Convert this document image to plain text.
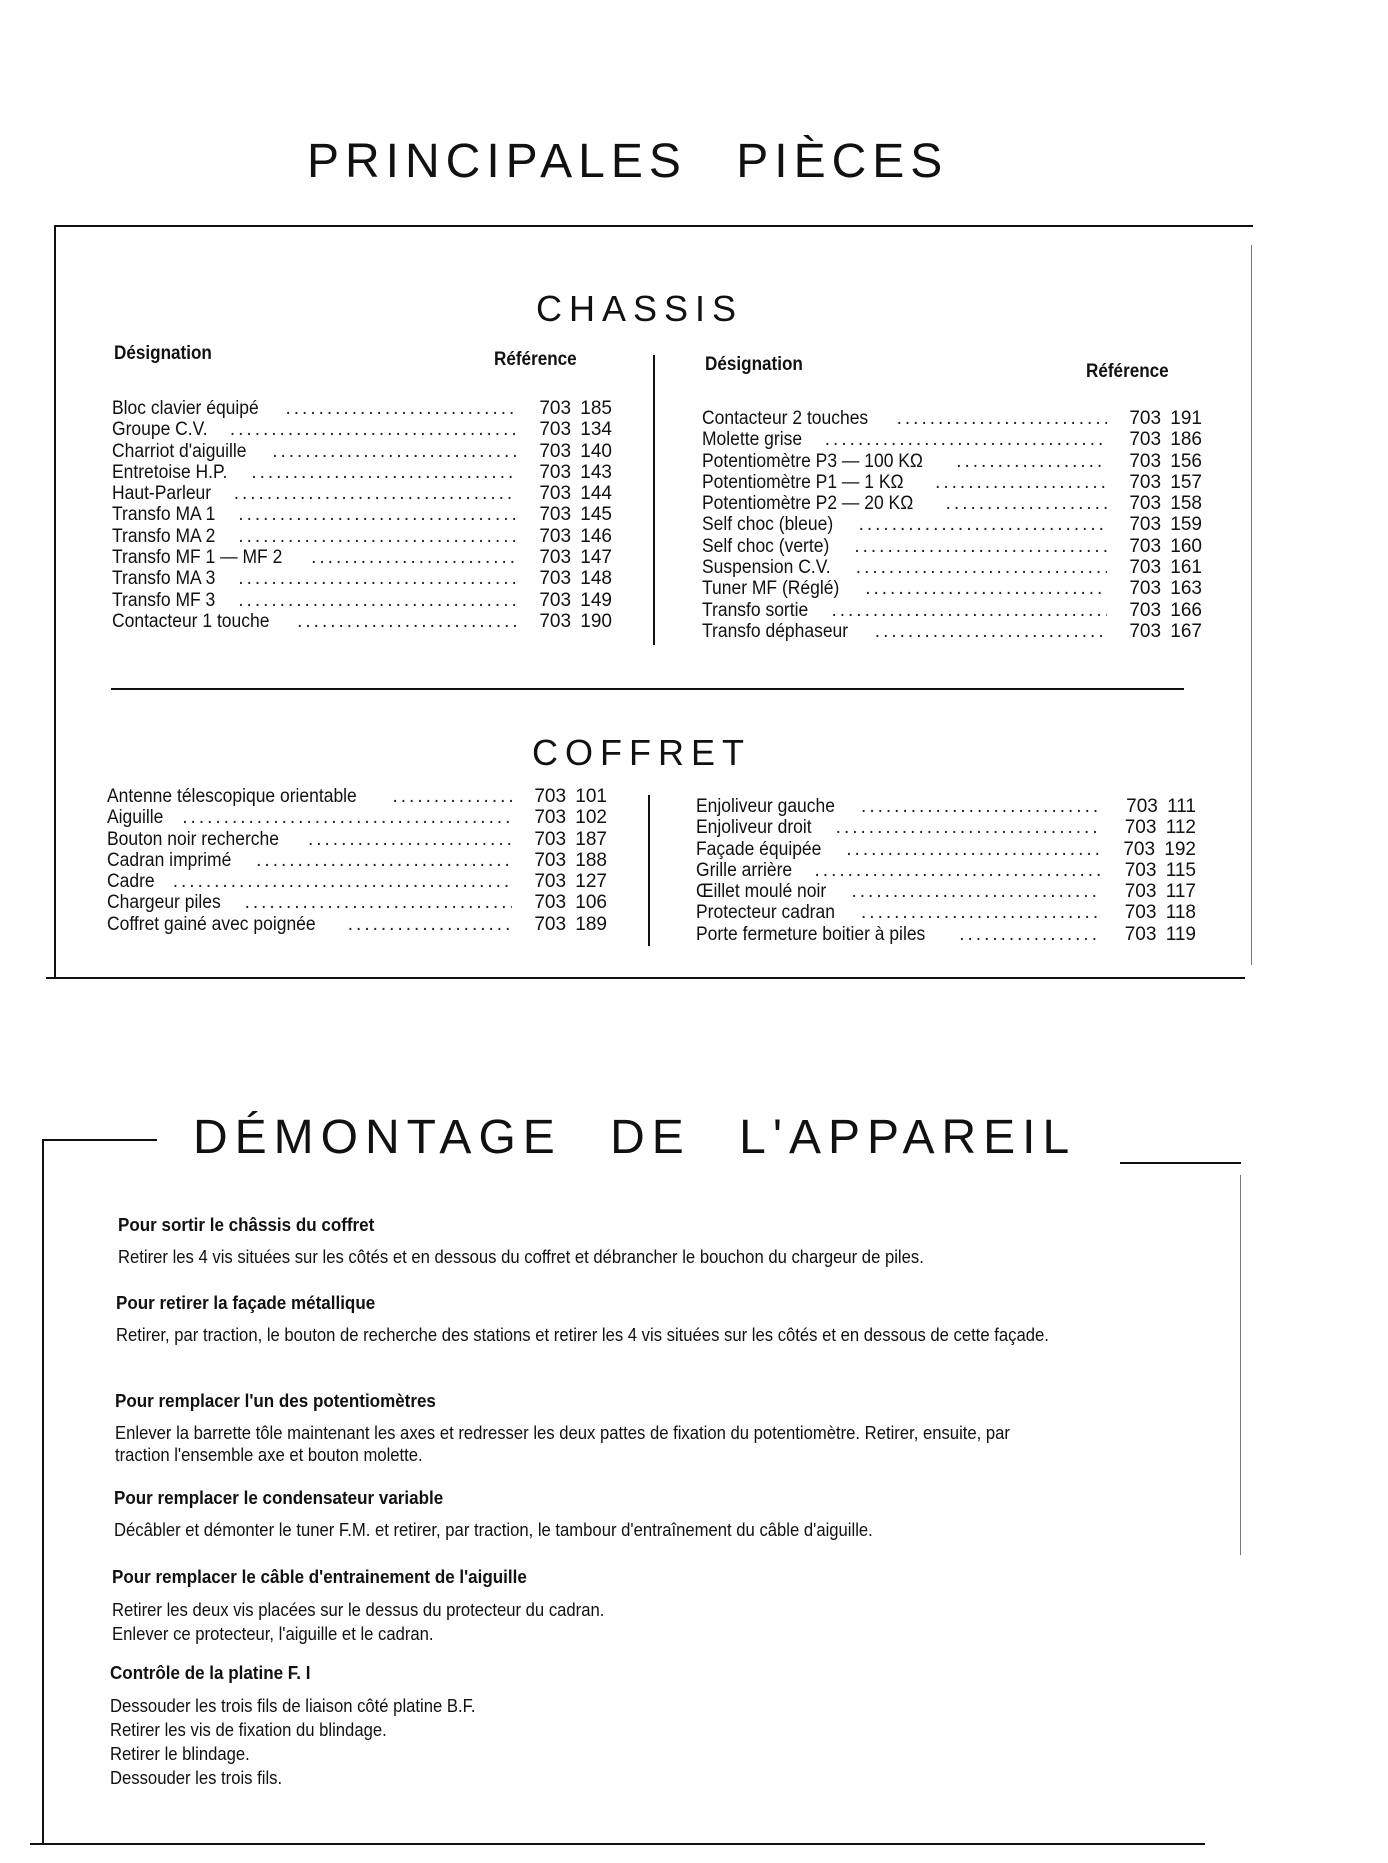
PRINCIPALES PIÈCES
CHASSIS
Désignation	Référence	Désignation	Référence
Bloc clavier équipé .....	703 185
Groupe C.V. .....	703 134
Charriot d'aiguille .....	703 140
Entretoise H.P. .....	703 143
Haut-Parleur .....	703 144
Transfo MA 1 .....	703 145
Transfo MA 2 .....	703 146
Transfo MF 1 — MF 2 .....	703 147
Transfo MA 3 .....	703 148
Transfo MF 3 .....	703 149
Contacteur 1 touche .....	703 190
Contacteur 2 touches .....	703 191
Molette grise .....	703 186
Potentiomètre P3 — 100 KΩ .....	703 156
Potentiomètre P1 — 1 KΩ .....	703 157
Potentiomètre P2 — 20 KΩ .....	703 158
Self choc (bleue) .....	703 159
Self choc (verte) .....	703 160
Suspension C.V. .....	703 161
Tuner MF (Réglé) .....	703 163
Transfo sortie .....	703 166
Transfo déphaseur .....	703 167
COFFRET
Antenne télescopique orientable .....	703 101
Aiguille .....	703 102
Bouton noir recherche .....	703 187
Cadran imprimé .....	703 188
Cadre .....	703 127
Chargeur piles .....	703 106
Coffret gainé avec poignée .....	703 189
Enjoliveur gauche .....	703 111
Enjoliveur droit .....	703 112
Façade équipée .....	703 192
Grille arrière .....	703 115
Œillet moulé noir .....	703 117
Protecteur cadran .....	703 118
Porte fermeture boitier à piles .....	703 119
DÉMONTAGE DE L'APPAREIL
Pour sortir le châssis du coffret
Retirer les 4 vis situées sur les côtés et en dessous du coffret et débrancher le bouchon du chargeur de piles.
Pour retirer la façade métallique
Retirer, par traction, le bouton de recherche des stations et retirer les 4 vis situées sur les côtés et en dessous de cette façade.
Pour remplacer l'un des potentiomètres
Enlever la barrette tôle maintenant les axes et redresser les deux pattes de fixation du potentiomètre. Retirer, ensuite, par traction l'ensemble axe et bouton molette.
Pour remplacer le condensateur variable
Décâbler et démonter le tuner F.M. et retirer, par traction, le tambour d'entraînement du câble d'aiguille.
Pour remplacer le câble d'entrainement de l'aiguille
Retirer les deux vis placées sur le dessus du protecteur du cadran.
Enlever ce protecteur, l'aiguille et le cadran.
Contrôle de la platine F. I
Dessouder les trois fils de liaison côté platine B.F.
Retirer les vis de fixation du blindage.
Retirer le blindage.
Dessouder les trois fils.
